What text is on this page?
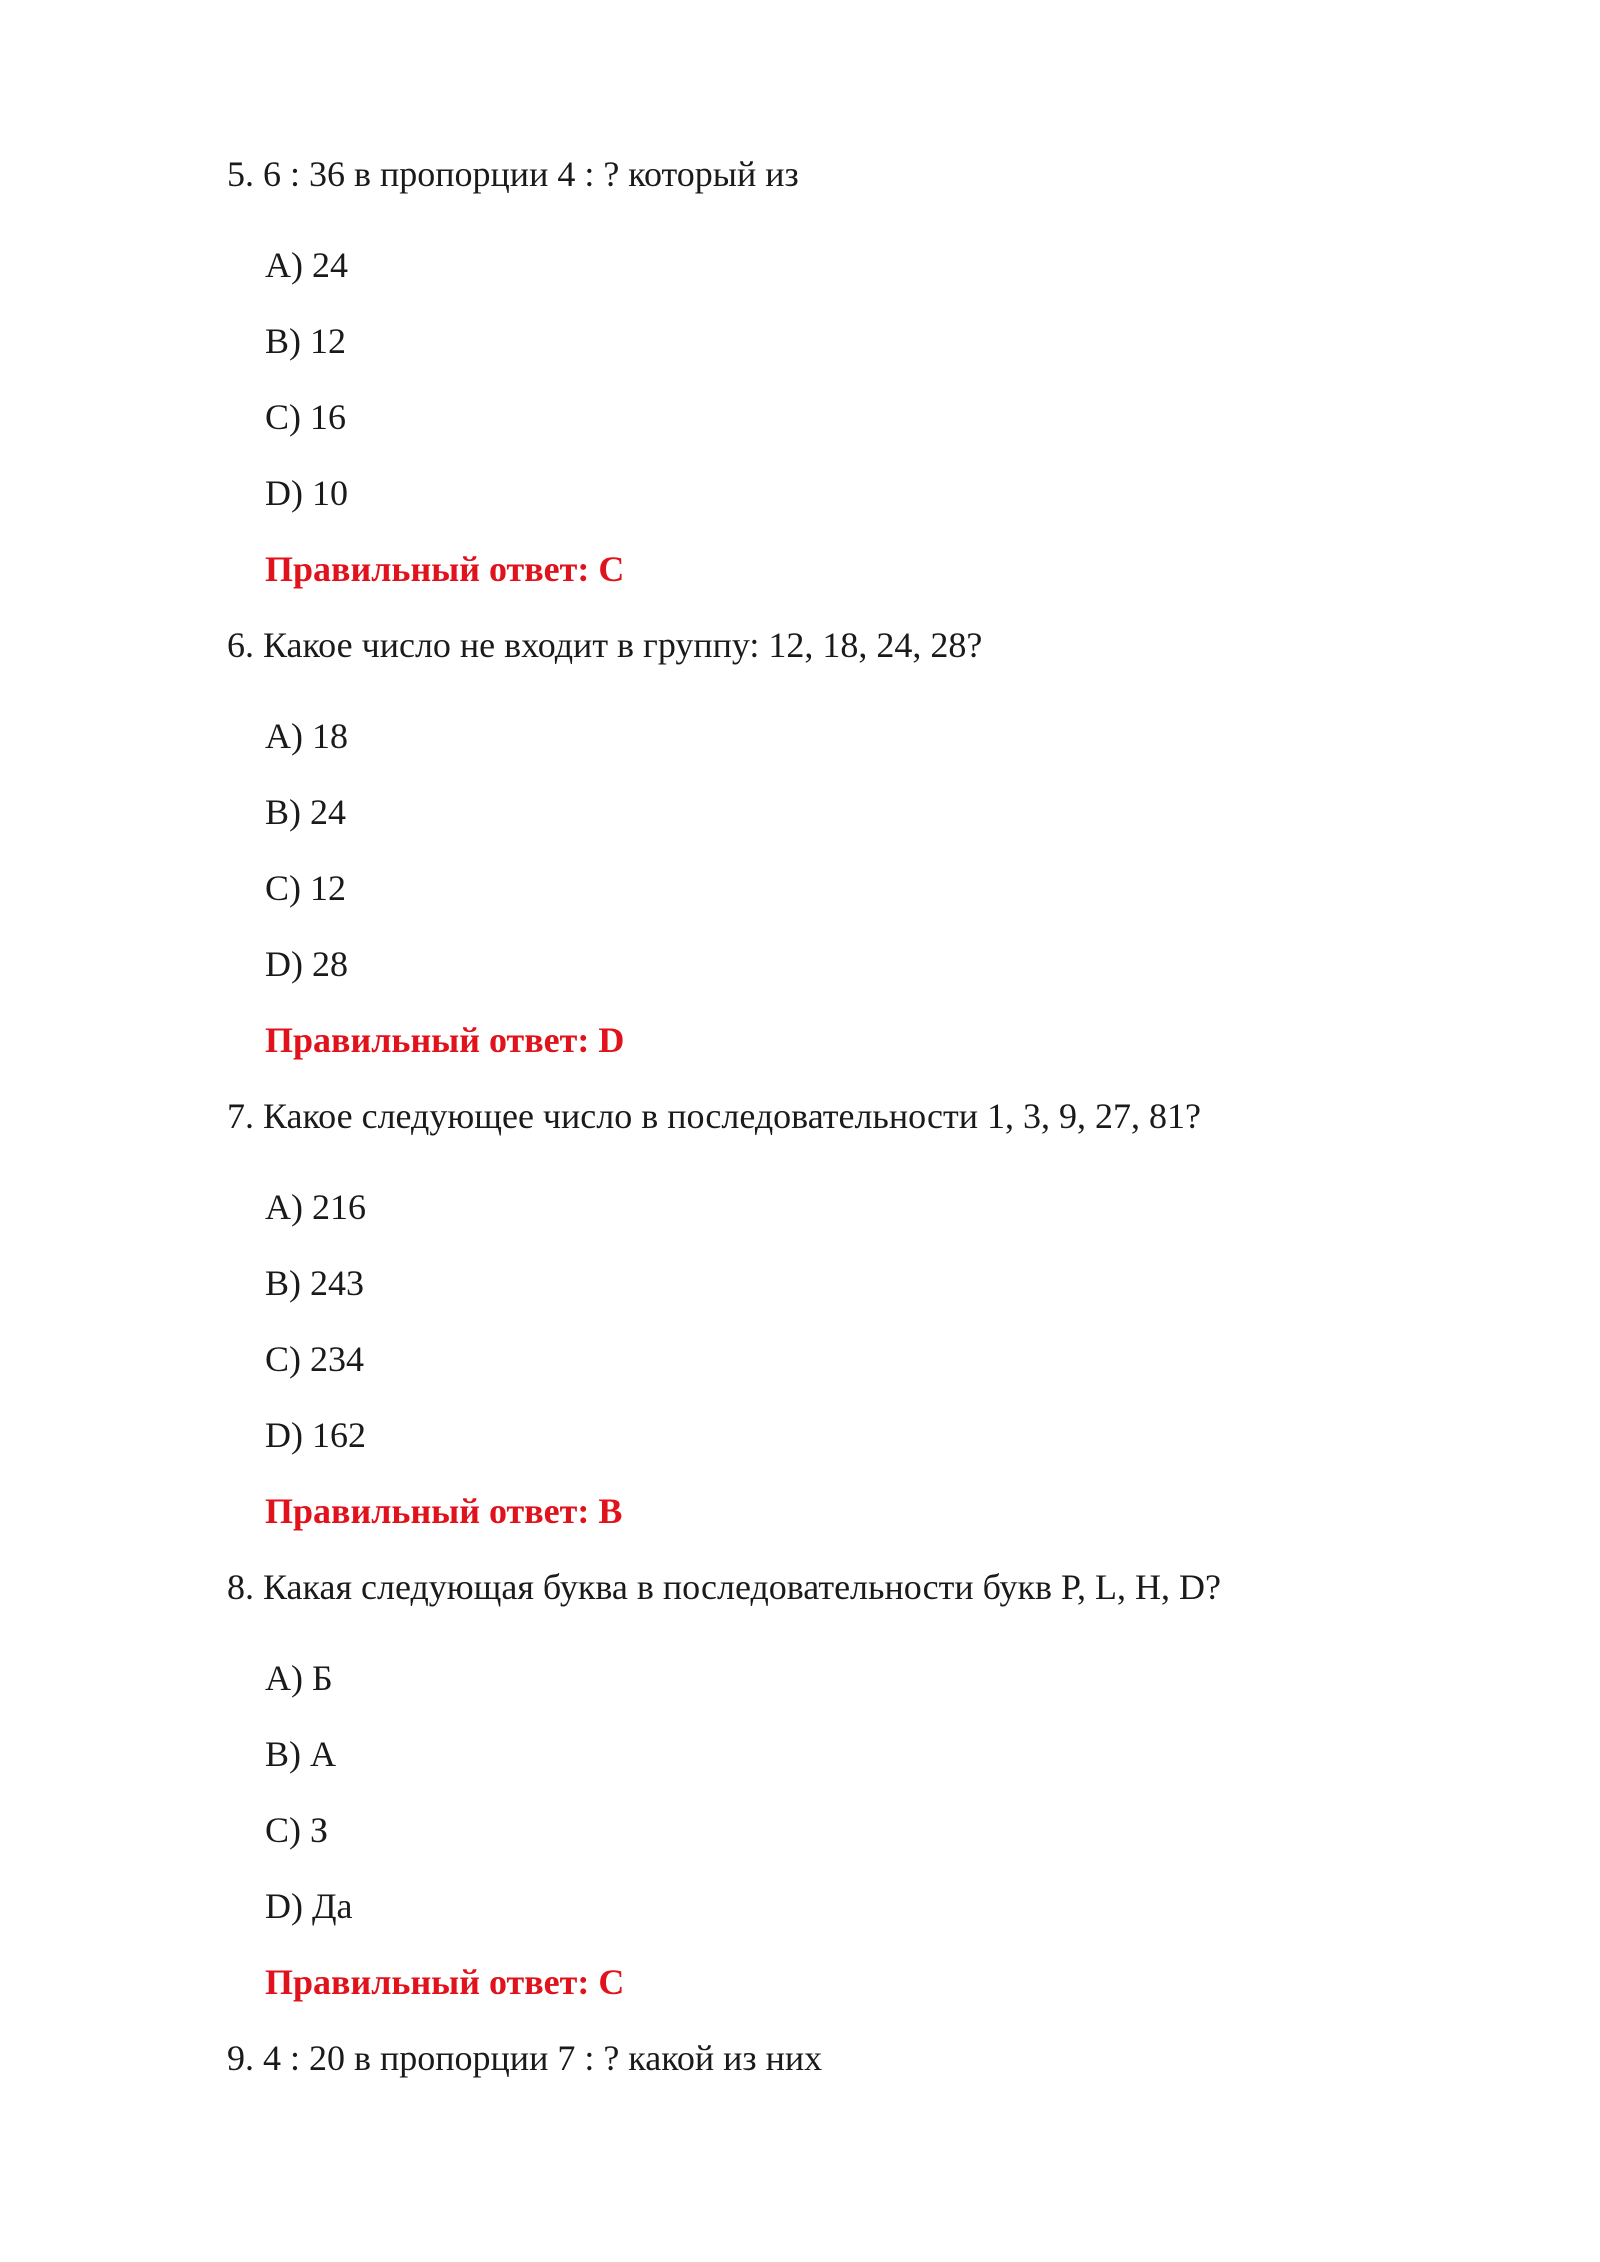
5. 6 : 36 в пропорции 4 : ? который из
A) 24
B) 12
C) 16
D) 10
Правильный ответ: C
6. Какое число не входит в группу: 12, 18, 24, 28?
A) 18
B) 24
C) 12
D) 28
Правильный ответ: D
7. Какое следующее число в последовательности 1, 3, 9, 27, 81?
A) 216
B) 243
C) 234
D) 162
Правильный ответ: B
8. Какая следующая буква в последовательности букв P, L, H, D?
A) Б
B) А
C) З
D) Да
Правильный ответ: C
9. 4 : 20 в пропорции 7 : ? какой из них
